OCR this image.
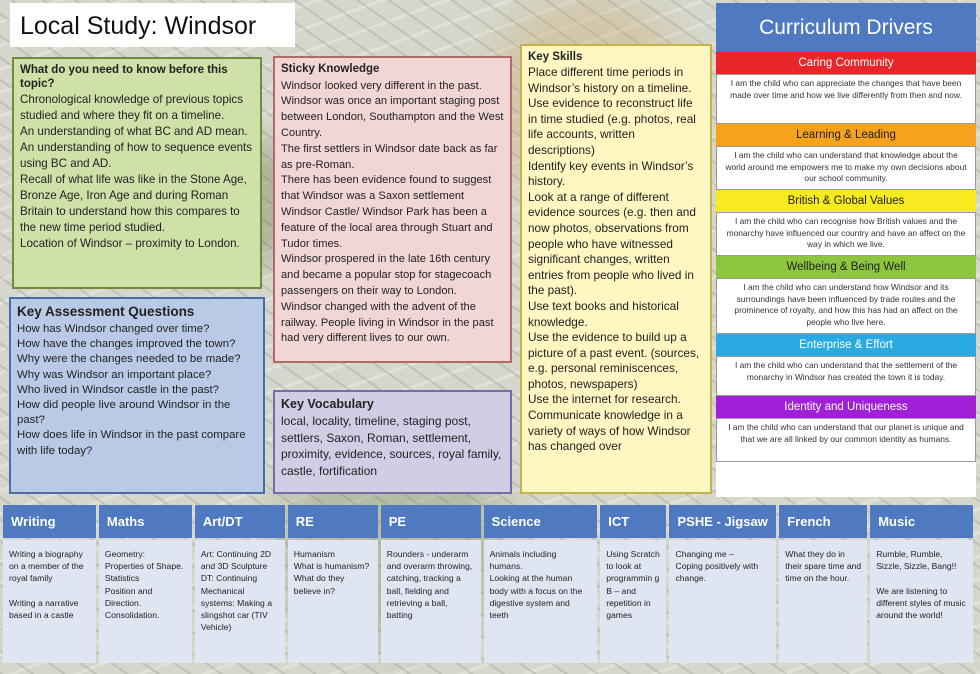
Local Study: Windsor
What do you need to know before this topic?

Chronological knowledge of previous topics studied and where they fit on a timeline.

An understanding of what BC and AD mean.

An understanding of how to sequence events using BC and AD.

Recall of what life was like in the Stone Age, Bronze Age, Iron Age and during Roman Britain to understand how this compares to the new time period studied.

Location of Windsor – proximity to London.

Key Assessment Questions

How has Windsor changed over time?

How have the changes improved the town?

Why were the changes needed to be made?

Why was Windsor an important place?

Who lived in Windsor castle in the past?

How did people live around Windsor in the past?

How does life in Windsor in the past compare with life today?

Sticky Knowledge

Windsor looked very different in the past.

Windsor was once an important staging post between London, Southampton and the West Country.

The first settlers in Windsor date back as far as pre-Roman.

There has been evidence found to suggest that Windsor was a Saxon settlement

Windsor Castle/ Windsor Park has been a feature of the local area through Stuart and Tudor times.

Windsor prospered in the late 16th century and became a popular stop for stagecoach passengers on their way to London.

Windsor changed with the advent of the railway. People living in Windsor in the past had very different lives to our own.

Key Vocabulary

local, locality, timeline, staging post, settlers, Saxon, Roman, settlement, proximity, evidence, sources, royal family, castle, fortification

Key Skills

Place different time periods in Windsor’s history on a timeline.

Use evidence to reconstruct life in time studied (e.g. photos, real life accounts, written descriptions)

Identify key events in Windsor’s history.

Look at a range of different evidence sources (e.g. then and now photos, observations from people who have witnessed significant changes, written entries from people who lived in the past).

Use text books and historical knowledge.

Use the evidence to build up a picture of a past event. (sources, e.g. personal reminiscences, photos, newspapers)

Use the internet for research.

Communicate knowledge in a variety of ways of how Windsor has changed over

Curriculum Drivers
Caring Community
I am the child who can appreciate the changes that have been made over time and how we live differently from then and now.
Learning & Leading
I am the child who can understand that knowledge about the world around me empowers me to make my own decisions about our school community.
British & Global Values
I am the child who can recognise how British values and the monarchy have influenced our country and have an affect on the way in which we live.
Wellbeing & Being Well
I am the child who can understand how Windsor and its surroundings have been influenced by trade routes and the prominence of royalty, and how this has had an affect on the people who live here.
Enterprise & Effort
I am the child who can understand that the settlement of the monarchy in Windsor has created the town it is today.
Identity and Uniqueness
I am the child who can understand that our planet is unique and that we are all linked by our common identity as humans.
Writing
Writing a biography on a member of the royal family

Writing a narrative based in a castle
Maths
Geometry: Properties of Shape.
Statistics
Position and Direction.
Consolidation.
Art/DT
Art: Continuing 2D and 3D Sculpture
DT: Continuing Mechanical systems: Making a slingshot car (TIV Vehicle)
RE
Humanism
What is humanism?
What do they believe in?
PE
Rounders - underarm and overarm throwing, catching, tracking a ball, fielding and retrieving a ball, batting
Science
Animals including humans.
Looking at the human body with a focus on the digestive system and teeth
ICT
Using Scratch to look at programmin g B – and repetition in games
PSHE - Jigsaw
Changing me –
Coping positively with change.
French
What they do in their spare time and time on the hour.
Music
Rumble, Rumble, Sizzle, Sizzle, Bang!!

We are listening to different styles of music around the world!
